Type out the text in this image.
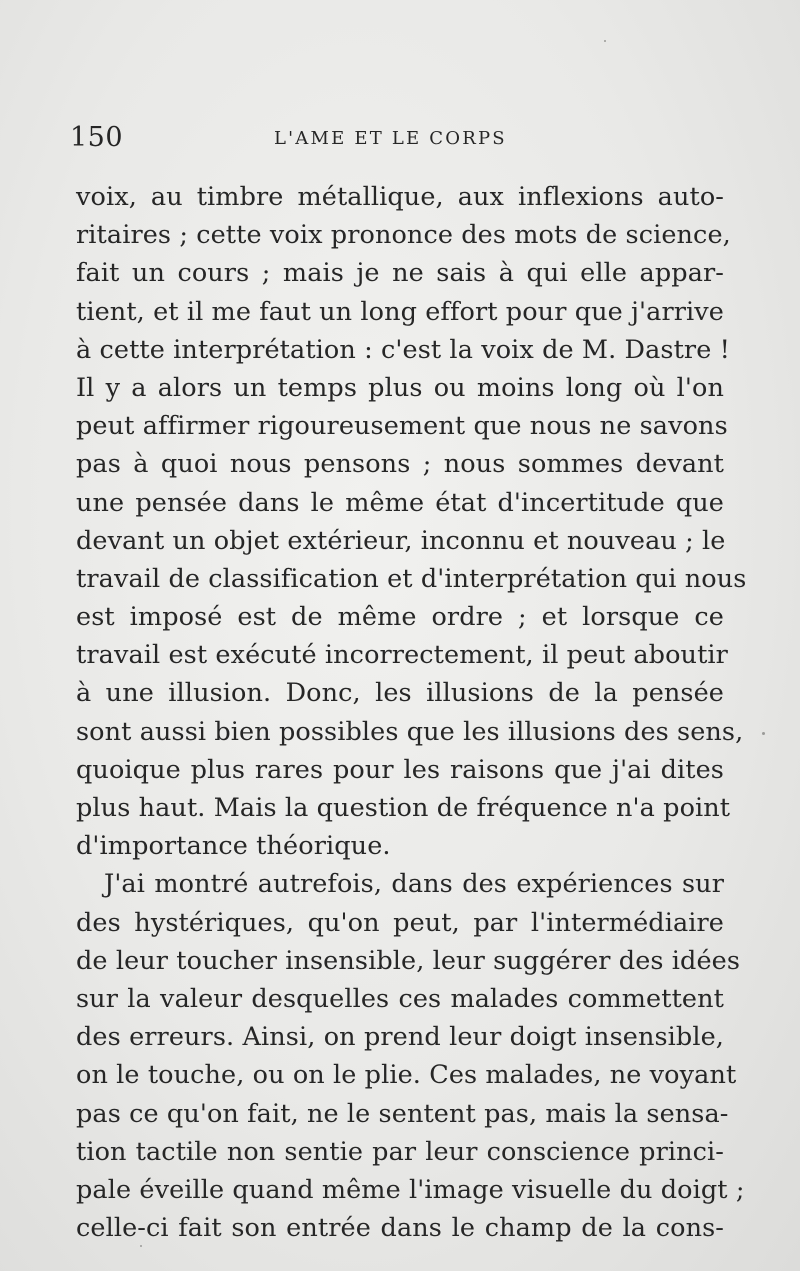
150	L'AME ET LE CORPS
voix, au timbre métallique, aux inflexions auto-
ritaires ; cette voix prononce des mots de science,
fait un cours ; mais je ne sais à qui elle appar-
tient, et il me faut un long effort pour que j'arrive
à cette interprétation : c'est la voix de M. Dastre !
Il y a alors un temps plus ou moins long où l'on
peut affirmer rigoureusement que nous ne savons
pas à quoi nous pensons ; nous sommes devant
une pensée dans le même état d'incertitude que
devant un objet extérieur, inconnu et nouveau ; le
travail de classification et d'interprétation qui nous
est imposé est de même ordre ; et lorsque ce
travail est exécuté incorrectement, il peut aboutir
à une illusion. Donc, les illusions de la pensée
sont aussi bien possibles que les illusions des sens,
quoique plus rares pour les raisons que j'ai dites
plus haut. Mais la question de fréquence n'a point
d'importance théorique.
J'ai montré autrefois, dans des expériences sur
des hystériques, qu'on peut, par l'intermédiaire
de leur toucher insensible, leur suggérer des idées
sur la valeur desquelles ces malades commettent
des erreurs. Ainsi, on prend leur doigt insensible,
on le touche, ou on le plie. Ces malades, ne voyant
pas ce qu'on fait, ne le sentent pas, mais la sensa-
tion tactile non sentie par leur conscience princi-
pale éveille quand même l'image visuelle du doigt ;
celle-ci fait son entrée dans le champ de la cons-
